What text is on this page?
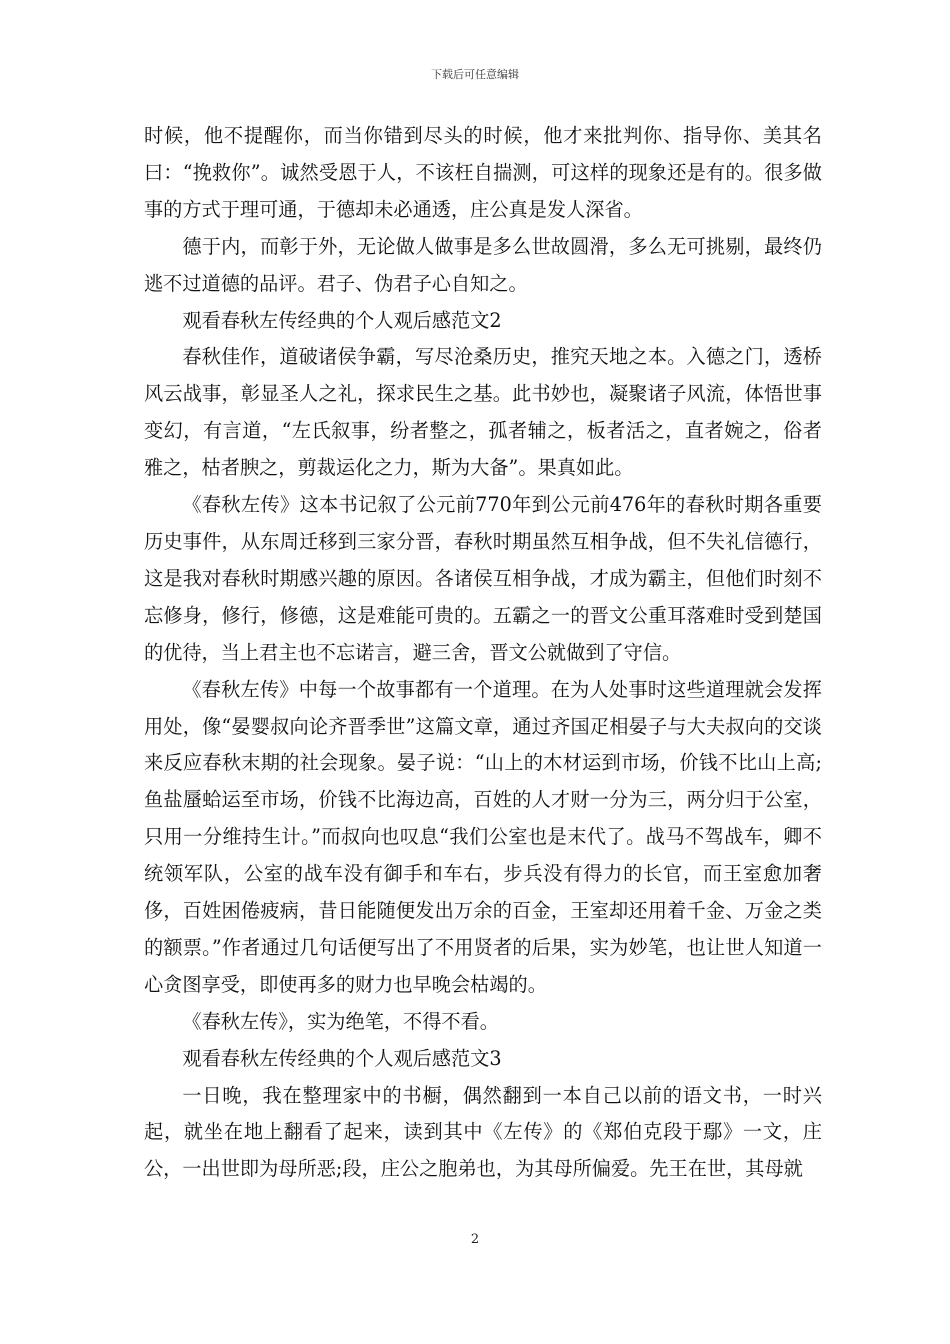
下载后可任意编辑

时候，他不提醒你，而当你错到尽头的时候，他才来批判你、指导你、美其名曰：“挽救你”。诚然受恩于人，不该枉自揣测，可这样的现象还是有的。很多做事的方式于理可通，于德却未必通透，庄公真是发人深省。

德于内，而彰于外，无论做人做事是多么世故圆滑，多么无可挑剔，最终仍逃不过道德的品评。君子、伪君子心自知之。

观看春秋左传经典的个人观后感范文2

春秋佳作，道破诸侯争霸，写尽沧桑历史，推究天地之本。入德之门，透桥风云战事，彰显圣人之礼，探求民生之基。此书妙也，凝聚诸子风流，体悟世事变幻，有言道，“左氏叙事，纷者整之，孤者辅之，板者活之，直者婉之，俗者雅之，枯者腴之，剪裁运化之力，斯为大备”。果真如此。

《春秋左传》这本书记叙了公元前770年到公元前476年的春秋时期各重要历史事件，从东周迁移到三家分晋，春秋时期虽然互相争战，但不失礼信德行，这是我对春秋时期感兴趣的原因。各诸侯互相争战，才成为霸主，但他们时刻不忘修身，修行，修德，这是难能可贵的。五霸之一的晋文公重耳落难时受到楚国的优待，当上君主也不忘诺言，避三舍，晋文公就做到了守信。

《春秋左传》中每一个故事都有一个道理。在为人处事时这些道理就会发挥用处，像“晏婴叔向论齐晋季世”这篇文章，通过齐国疋相晏子与大夫叔向的交谈来反应春秋末期的社会现象。晏子说：“山上的木材运到市场，价钱不比山上高;鱼盐蜃蛤运至市场，价钱不比海边高，百姓的人才财一分为三，两分归于公室，只用一分维持生计。”而叔向也叹息“我们公室也是末代了。战马不驾战车，卿不统领军队，公室的战车没有御手和车右，步兵没有得力的长官，而王室愈加奢侈，百姓困倦疲病，昔日能随便发出万余的百金，王室却还用着千金、万金之类的额票。”作者通过几句话便写出了不用贤者的后果，实为妙笔，也让世人知道一心贪图享受，即使再多的财力也早晚会枯竭的。

《春秋左传》，实为绝笔，不得不看。

观看春秋左传经典的个人观后感范文3

一日晚，我在整理家中的书橱，偶然翻到一本自己以前的语文书，一时兴起，就坐在地上翻看了起来，读到其中《左传》的《郑伯克段于鄢》一文，庄公，一出世即为母所恶;段，庄公之胞弟也，为其母所偏爱。先王在世，其母就

2
